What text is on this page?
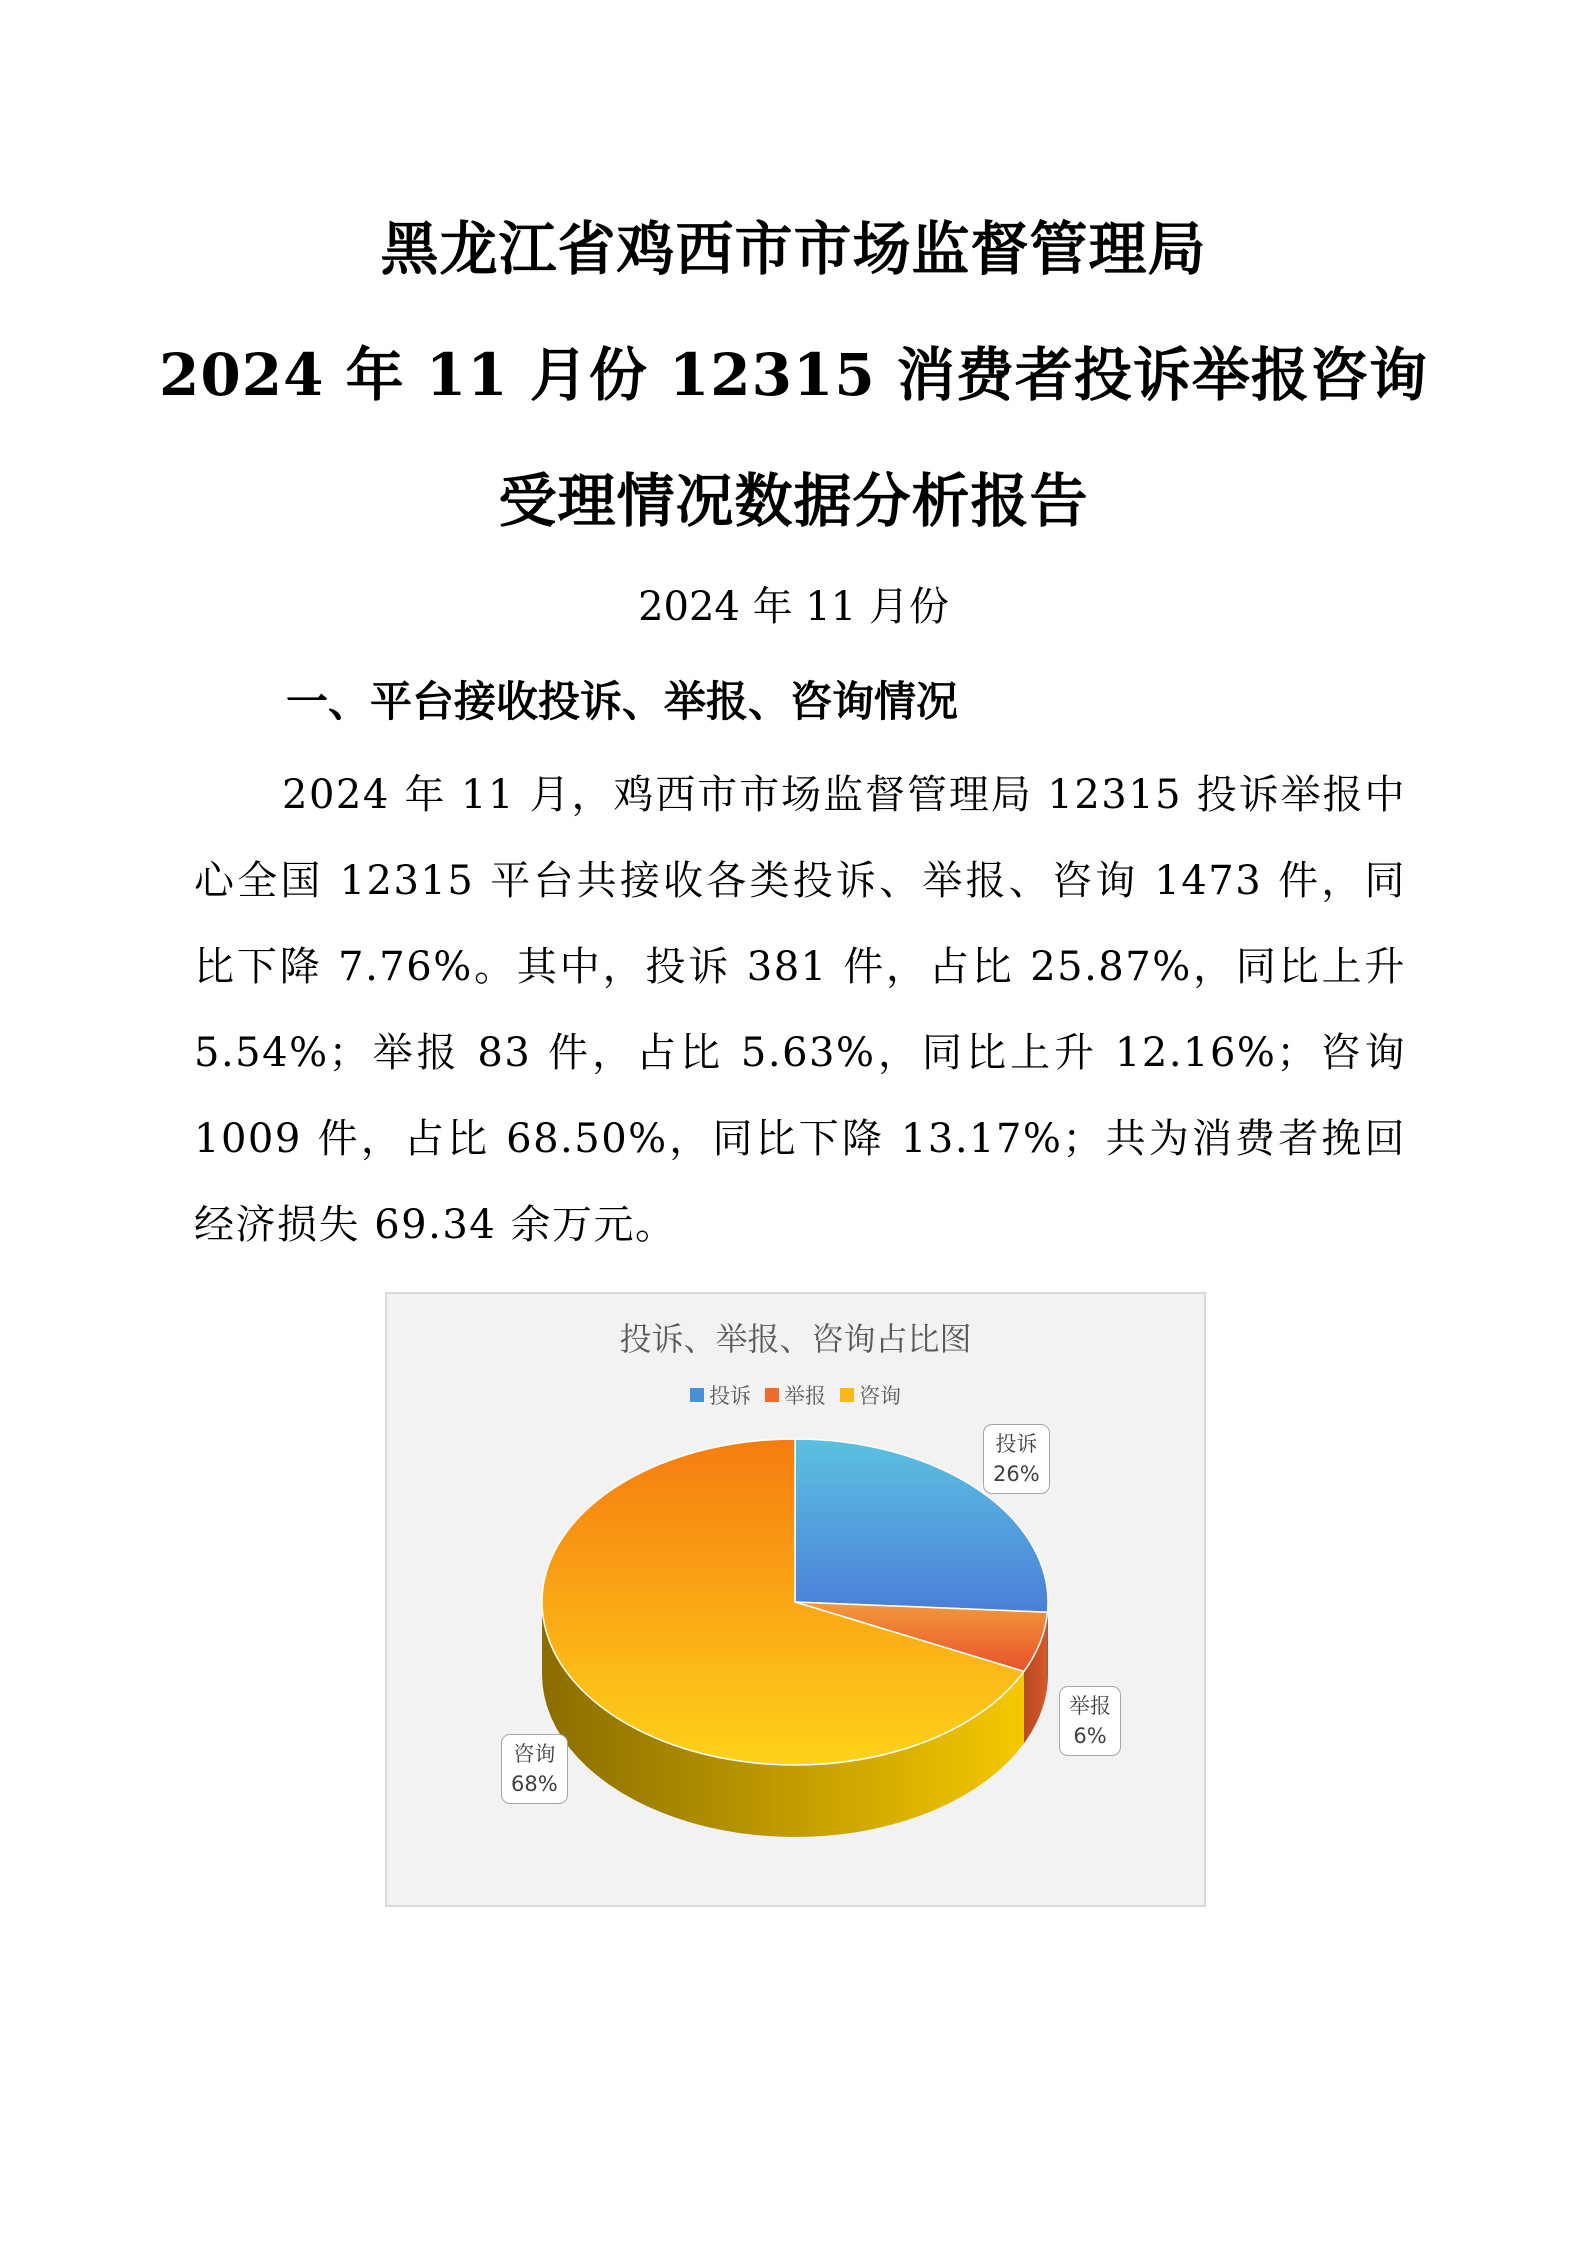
黑龙江省鸡西市市场监督管理局
2024 年 11 月份 12315 消费者投诉举报咨询
受理情况数据分析报告
2024 年 11 月份
一、平台接收投诉、举报、咨询情况

2024 年 11 月，鸡西市市场监督管理局 12315 投诉举报中心全国 12315 平台共接收各类投诉、举报、咨询 1473 件，同比下降 7.76%。其中，投诉 381 件，占比 25.87%，同比上升 5.54%；举报 83 件，占比 5.63%，同比上升 12.16%；咨询 1009 件，占比 68.50%，同比下降 13.17%；共为消费者挽回经济损失 69.34 余万元。

投诉、举报、咨询占比图
投诉 举报 咨询
投诉
26%
举报
6%
咨询
68%
